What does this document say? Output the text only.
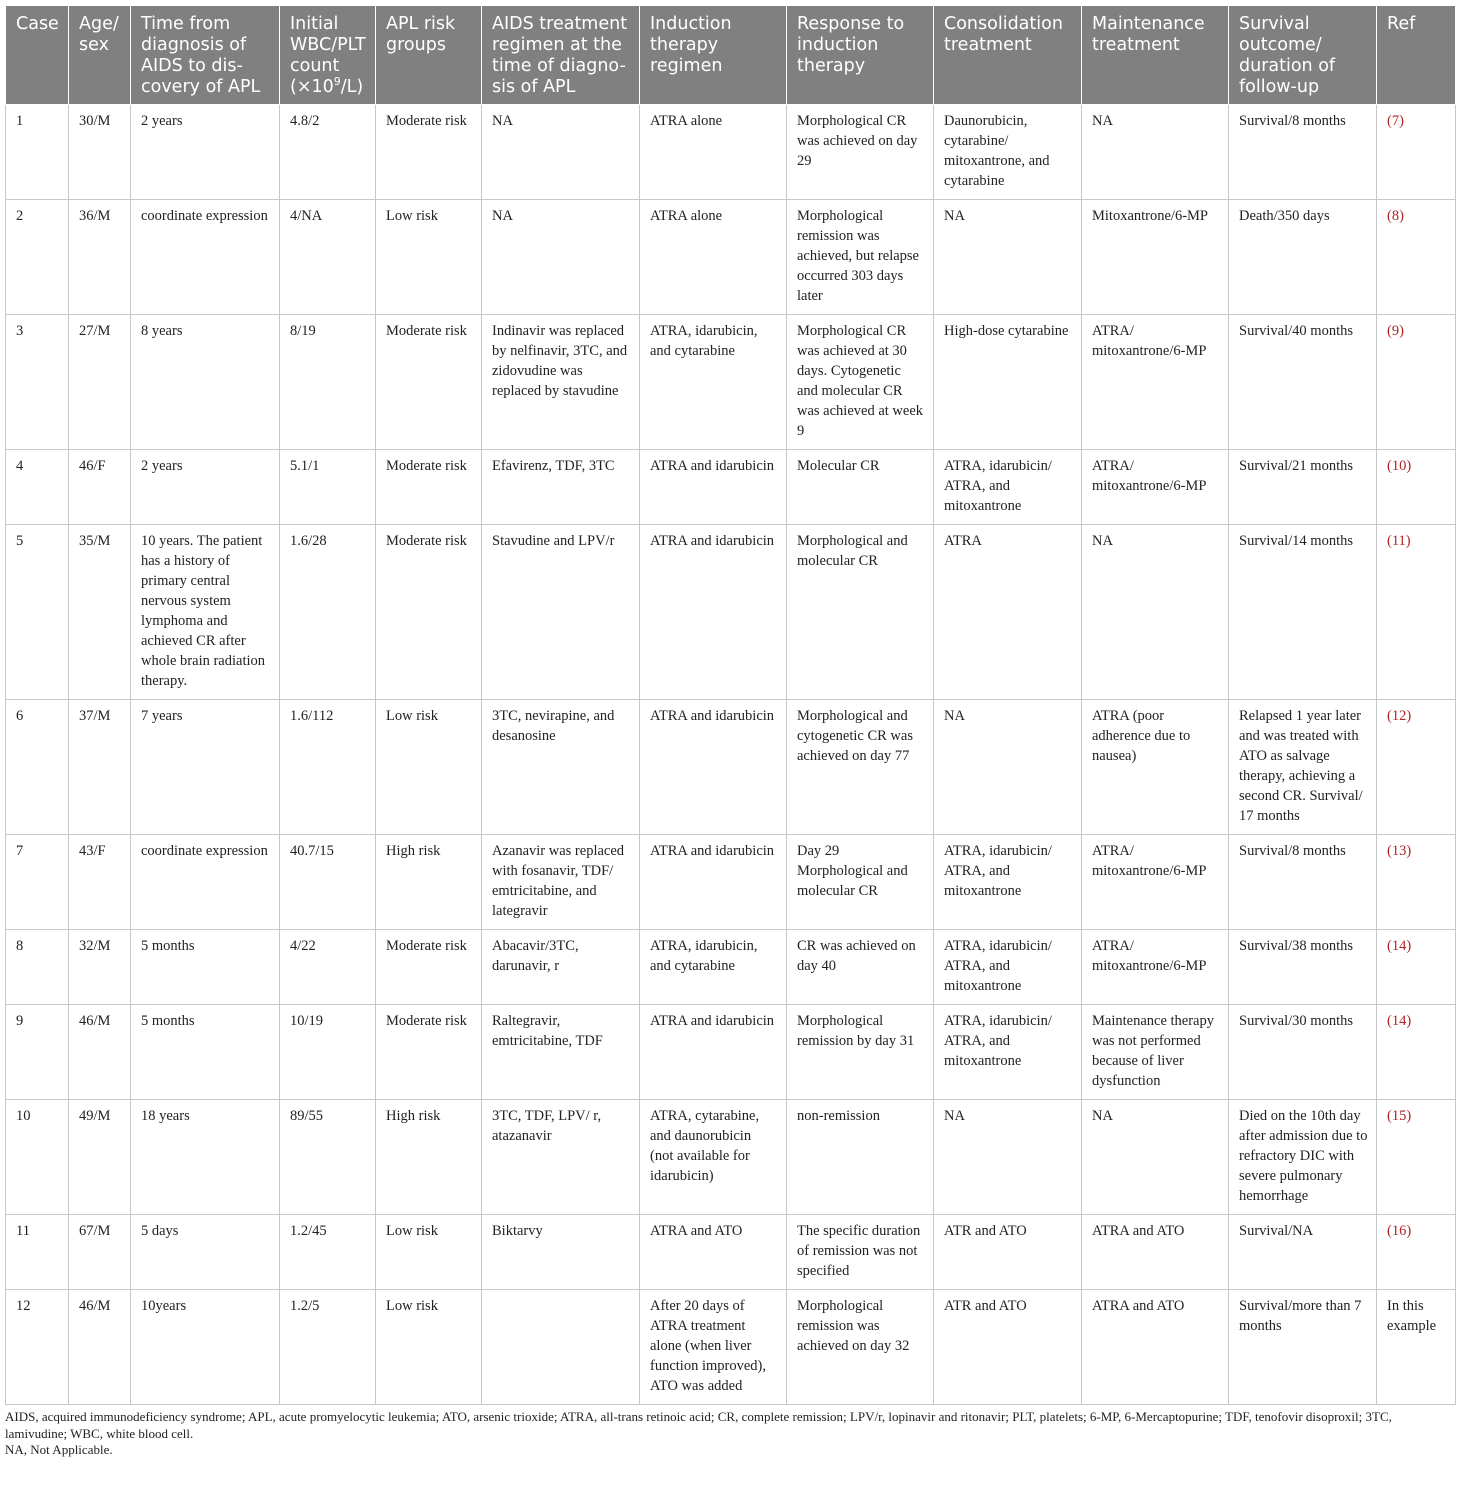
Case	Age/ sex	Time from diagnosis of AIDS to dis-covery of APL	Initial WBC/PLT count $(\times 10^9/L)$	APL risk groups	AIDS treatment regimen at the time of diagno-sis of APL	Induction therapy regimen	Response to induction therapy	Consolidation treatment	Maintenance treatment	Survival outcome/ duration of follow-up	Ref
1	30/M	2 years	4.8/2	Moderate risk	NA	ATRA alone	Morphological CR was achieved on day 29	Daunorubicin, cytarabine/ mitoxantrone, and cytarabine	NA	Survival/8 months	(7)
2	36/M	coordinate expression	4/NA	Low risk	NA	ATRA alone	Morphological remission was achieved, but relapse occurred 303 days later	NA	Mitoxantrone/6-MP	Death/350 days	(8)
3	27/M	8 years	8/19	Moderate risk	Indinavir was replaced by nelfinavir, 3TC, and zidovudine was replaced by stavudine	ATRA, idarubicin, and cytarabine	Morphological CR was achieved at 30 days. Cytogenetic and molecular CR was achieved at week 9	High-dose cytarabine	ATRA/ mitoxantrone/6-MP	Survival/40 months	(9)
4	46/F	2 years	5.1/1	Moderate risk	Efavirenz, TDF, 3TC	ATRA and idarubicin	Molecular CR	ATRA, idarubicin/ ATRA, and mitoxantrone	ATRA/ mitoxantrone/6-MP	Survival/21 months	(10)
5	35/M	10 years. The patient has a history of primary central nervous system lymphoma and achieved CR after whole brain radiation therapy.	1.6/28	Moderate risk	Stavudine and LPV/r	ATRA and idarubicin	Morphological and molecular CR	ATRA	NA	Survival/14 months	(11)
6	37/M	7 years	1.6/112	Low risk	3TC, nevirapine, and desanosine	ATRA and idarubicin	Morphological and cytogenetic CR was achieved on day 77	NA	ATRA (poor adherence due to nausea)	Relapsed 1 year later and was treated with ATO as salvage therapy, achieving a second CR. Survival/ 17 months	(12)
7	43/F	coordinate expression	40.7/15	High risk	Azanavir was replaced with fosanavir, TDF/ emtricitabine, and lategravir	ATRA and idarubicin	Day 29 Morphological and molecular CR	ATRA, idarubicin/ ATRA, and mitoxantrone	ATRA/ mitoxantrone/6-MP	Survival/8 months	(13)
8	32/M	5 months	4/22	Moderate risk	Abacavir/3TC, darunavir, r	ATRA, idarubicin, and cytarabine	CR was achieved on day 40	ATRA, idarubicin/ ATRA, and mitoxantrone	ATRA/ mitoxantrone/6-MP	Survival/38 months	(14)
9	46/M	5 months	10/19	Moderate risk	Raltegravir, emtricitabine, TDF	ATRA and idarubicin	Morphological remission by day 31	ATRA, idarubicin/ ATRA, and mitoxantrone	Maintenance therapy was not performed because of liver dysfunction	Survival/30 months	(14)
10	49/M	18 years	89/55	High risk	3TC, TDF, LPV/ r, atazanavir	ATRA, cytarabine, and daunorubicin (not available for idarubicin)	non-remission	NA	NA	Died on the 10th day after admission due to refractory DIC with severe pulmonary hemorrhage	(15)
11	67/M	5 days	1.2/45	Low risk	Biktarvy	ATRA and ATO	The specific duration of remission was not specified	ATR and ATO	ATRA and ATO	Survival/NA	(16)
12	46/M	10years	1.2/5	Low risk		After 20 days of ATRA treatment alone (when liver function improved), ATO was added	Morphological remission was achieved on day 32	ATR and ATO	ATRA and ATO	Survival/more than 7 months	In this example

AIDS, acquired immunodeficiency syndrome; APL, acute promyelocytic leukemia; ATO, arsenic trioxide; ATRA, all-trans retinoic acid; CR, complete remission; LPV/r, lopinavir and ritonavir; PLT, platelets; 6-MP, 6-Mercaptopurine; TDF, tenofovir disoproxil; 3TC, lamivudine; WBC, white blood cell.

NA, Not Applicable.
